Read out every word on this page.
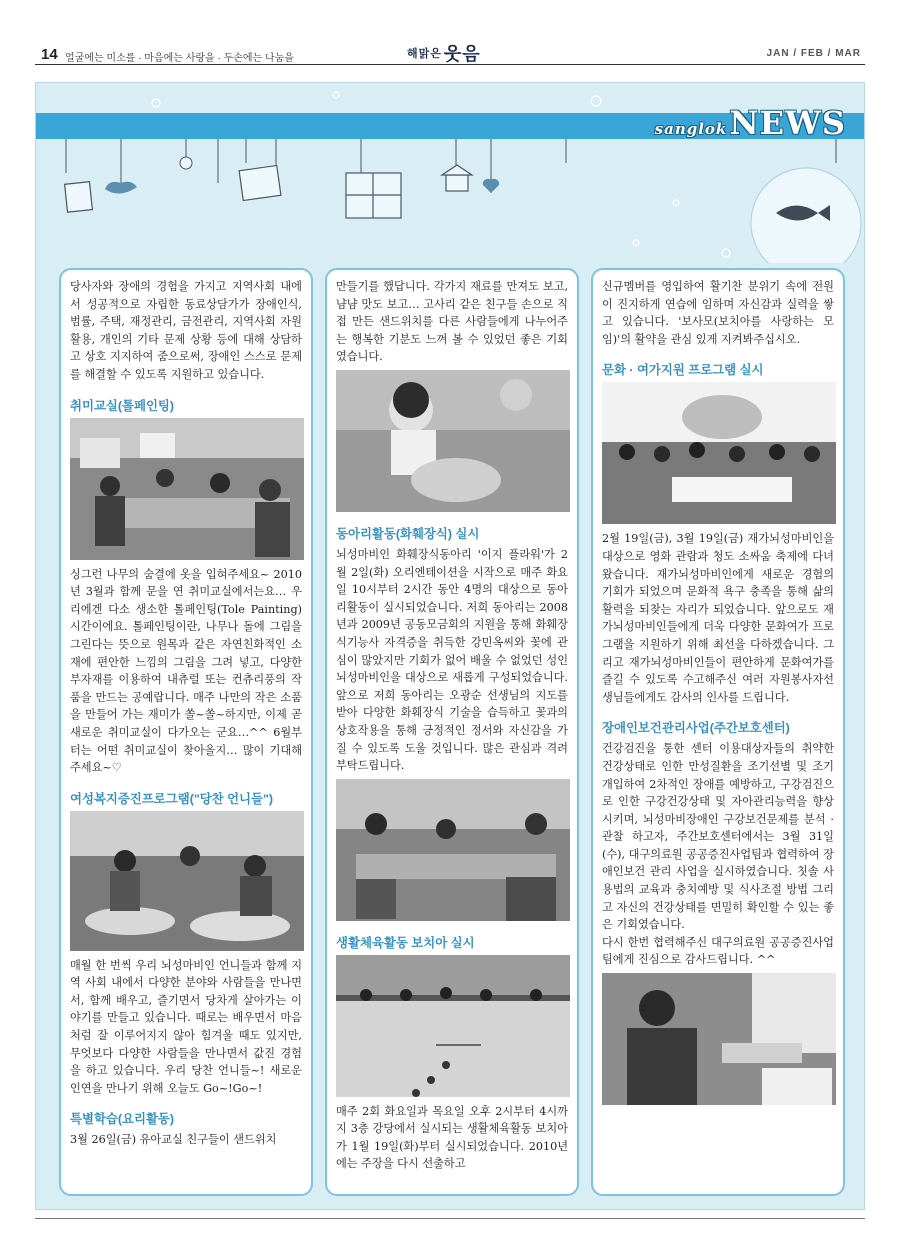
14 얼굴에는 미소를 · 마음에는 사랑을 · 두손에는 나눔을	해맑은 웃음	JAN / FEB / MAR
sanglokNEWS

당사자와 장애의 경험을 가지고 지역사회 내에서 성공적으로 자립한 동료상담가가 장애인식, 범률, 주택, 재정관리, 금전관리, 지역사회 자원 활용, 개인의 기타 문제 상황 등에 대해 상담하고 상호 지지하여 줌으로써, 장애인 스스로 문제를 해결할 수 있도록 지원하고 있습니다.

취미교실(톨페인팅)

싱그런 나무의 숨결에 옷을 입혀주세요~ 2010년 3월과 함께 문을 연 취미교실에서는요… 우리에겐 다소 생소한 톨페인팅(Tole Painting)시간이에요. 톨페인팅이란, 나무나 돌에 그림을 그린다는 뜻으로 원목과 같은 자연친화적인 소재에 편안한 느낌의 그림을 그려 넣고, 다양한 부자재를 이용하여 내츄럴 또는 컨츄리풍의 작품을 만드는 공예랍니다. 매주 나만의 작은 소품을 만들어 가는 재미가 쏠~쏠~하지만, 이제 곧 새로운 취미교실이 다가오는 군요…^^ 6월부터는 어떤 취미교실이 찾아올지… 많이 기대해 주세요~♡

여성복지증진프로그램("당찬 언니들")

매월 한 번씩 우리 뇌성마비인 언니들과 함께 지역 사회 내에서 다양한 분야와 사람들을 만나면서, 함께 배우고, 즐기면서 당차게 살아가는 이야기를 만들고 있습니다. 때로는 배우면서 마음처럼 잘 이루어지지 않아 힘겨울 때도 있지만, 무엇보다 다양한 사람들을 만나면서 값진 경험을 하고 있습니다. 우리 당찬 언니들~! 새로운 인연을 만나기 위해 오늘도 Go~!Go~!

특별학습(요리활동)

3월 26일(금) 유아교실 친구들이 샌드위치

만들기를 했답니다. 각가지 재료를 만져도 보고, 냠냠 맛도 보고… 고사리 같은 친구들 손으로 직접 만든 샌드위치를 다른 사람들에게 나누어주는 행복한 기분도 느껴 볼 수 있었던 좋은 기회였습니다.

동아리활동(화훼장식) 실시

뇌성마비인 화훼장식동아리 '이지 플라워'가 2월 2일(화) 오리엔테이션을 시작으로 매주 화요일 10시부터 2시간 동안 4명의 대상으로 동아리활동이 실시되었습니다. 저희 동아리는 2008년과 2009년 공동모금회의 지원을 통해 화훼장식기능사 자격증을 취득한 강민옥씨와 꽃에 관심이 많았지만 기회가 없어 배울 수 없었던 성인뇌성마비인을 대상으로 새롭게 구성되었습니다. 앞으로 저희 동아리는 오광순 선생님의 지도를 받아 다양한 화훼장식 기술을 습득하고 꽃과의 상호작용을 통해 긍정적인 정서와 자신감을 가질 수 있도록 도울 것입니다. 많은 관심과 격려 부탁드립니다.

생활체육활동 보치아 실시

매주 2회 화요일과 목요일 오후 2시부터 4시까지 3층 강당에서 실시되는 생활체육활동 보치아가 1월 19일(화)부터 실시되었습니다. 2010년에는 주장을 다시 선출하고

신규멤버를 영입하여 활기찬 분위기 속에 전원이 진지하게 연습에 임하며 자신감과 실력을 쌓고 있습니다. '보사모(보치아를 사랑하는 모임)'의 활약을 관심 있게 지켜봐주십시오.

문화 · 여가지원 프로그램 실시

2월 19일(금), 3월 19일(금) 재가뇌성마비인을 대상으로 영화 관람과 청도 소싸움 축제에 다녀왔습니다. 재가뇌성마비인에게 새로운 경험의 기회가 되었으며 문화적 욕구 충족을 통해 삶의 활력을 되찾는 자리가 되었습니다. 앞으로도 재가뇌성마비인들에게 더욱 다양한 문화여가 프로그램을 지원하기 위해 최선을 다하겠습니다. 그리고 재가뇌성마비인들이 편안하게 문화여가를 즐길 수 있도록 수고해주신 여러 자원봉사자선생님들에게도 감사의 인사를 드립니다.

장애인보건관리사업(주간보호센터)

건강검진을 통한 센터 이용대상자들의 취약한 건강상태로 인한 만성질환을 조기선별 및 조기 개입하여 2차적인 장애를 예방하고, 구강검진으로 인한 구강건강상태 및 자아관리능력을 향상시키며, 뇌성마비장애인 구강보건문제를 분석 · 관찰 하고자, 주간보호센터에서는 3월 31일(수), 대구의료원 공공증진사업팀과 협력하여 장애인보건 관리 사업을 실시하였습니다. 칫솔 사용법의 교육과 충치예방 및 식사조절 방법 그리고 자신의 건강상태를 면밀히 확인할 수 있는 좋은 기회였습니다.

다시 한번 협력해주신 대구의료원 공공증진사업팀에게 진심으로 감사드립니다. ^^
